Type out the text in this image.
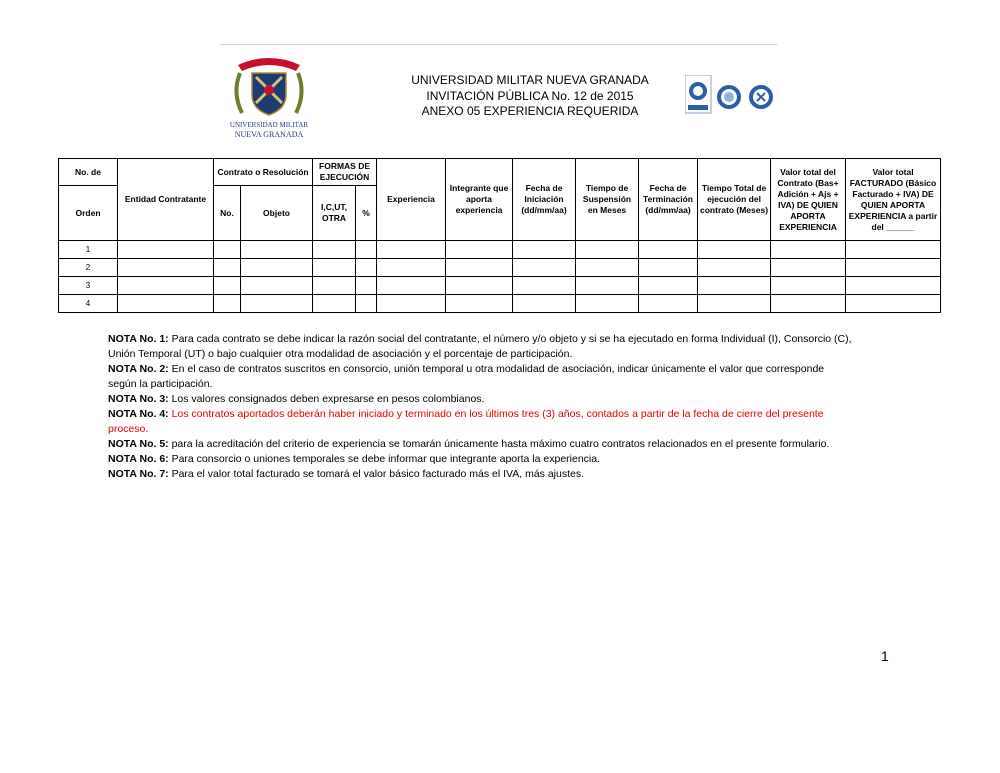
UNIVERSIDAD MILITAR
NUEVA GRANADA
UNIVERSIDAD MILITAR NUEVA GRANADA
INVITACIÓN PÚBLICA No. 12 de 2015
ANEXO 05 EXPERIENCIA REQUERIDA
No. de	Entidad Contratante	Contrato o Resolución		FORMAS DE EJECUCIÓN		Experiencia	Integrante que aporta experiencia	Fecha de Iniciación (dd/mm/aa)	Tiempo de Suspensión en Meses	Fecha de Terminación (dd/mm/aa)	Tiempo Total de ejecución del contrato (Meses)	Valor total del Contrato (Bas+ Adición + Ajs + IVA) DE QUIEN APORTA EXPERIENCIA	Valor total FACTURADO (Básico Facturado + IVA) DE QUIEN APORTA EXPERIENCIA a partir del ______
Orden		No.	Objeto	I,C,UT, OTRA	%								
1													
2													
3													
4													

NOTA No. 1: Para cada contrato se debe indicar la razón social del contratante, el número y/o objeto y si se ha ejecutado en forma Individual (I), Consorcio (C), Unión Temporal (UT) o bajo cualquier otra modalidad de asociación y el porcentaje de participación.

NOTA No. 2: En el caso de contratos suscritos en consorcio, unión temporal u otra modalidad de asociación, indicar únicamente el valor que corresponde según la participación.

NOTA No. 3: Los valores consignados deben expresarse en pesos colombianos.

NOTA No. 4: Los contratos aportados deberán haber iniciado y terminado en los últimos tres (3) años, contados a partir de la fecha de cierre del presente proceso.

NOTA No. 5: para la acreditación del criterio de experiencia se tomarán únicamente hasta máximo cuatro contratos relacionados en el presente formulario.

NOTA No. 6: Para consorcio o uniones temporales se debe informar que integrante aporta la experiencia.

NOTA No. 7: Para el valor total facturado se tomará el valor básico facturado más el IVA, más ajustes.

1
